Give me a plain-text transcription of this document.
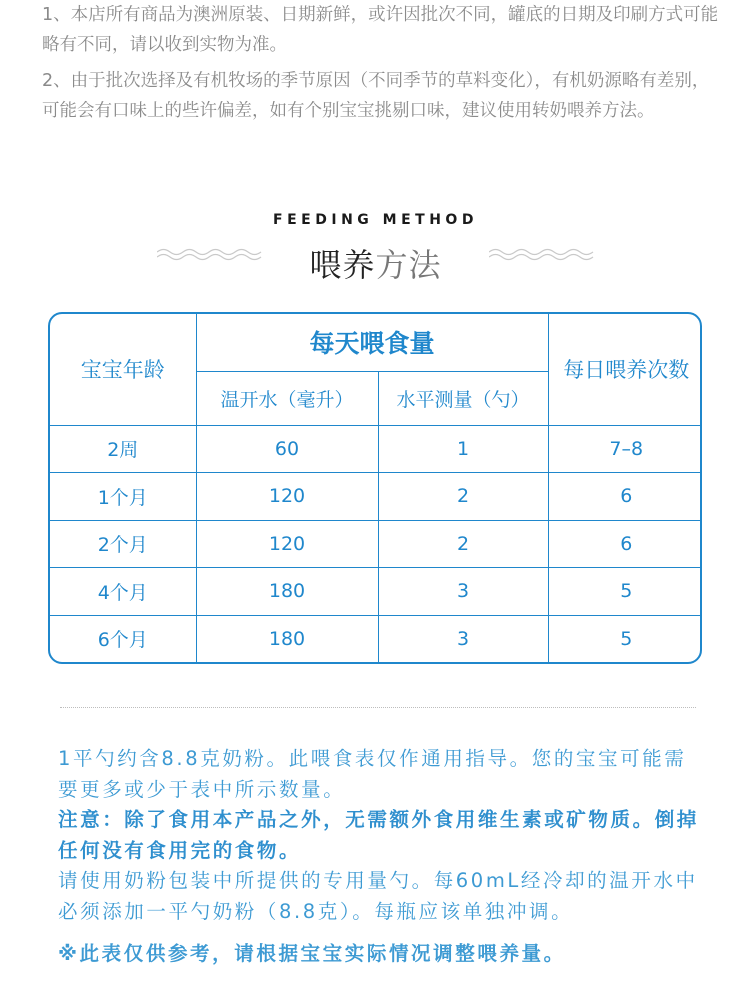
1、本店所有商品为澳洲原装、日期新鲜，或许因批次不同，罐底的日期及印刷方式可能略有不同，请以收到实物为准。

2、由于批次选择及有机牧场的季节原因（不同季节的草料变化），有机奶源略有差别，可能会有口味上的些许偏差，如有个别宝宝挑剔口味，建议使用转奶喂养方法。

FEEDING METHOD
喂养方法
宝宝年龄	每天喂食量		每日喂养次数
	温开水（毫升）	水平测量（勺）	
2周	60	1	7–8
1个月	120	2	6
2个月	120	2	6
4个月	180	3	5
6个月	180	3	5

1平勺约含8.8克奶粉。此喂食表仅作通用指导。您的宝宝可能需要更多或少于表中所示数量。

注意：除了食用本产品之外，无需额外食用维生素或矿物质。倒掉任何没有食用完的食物。

请使用奶粉包装中所提供的专用量勺。每60mL经冷却的温开水中必须添加一平勺奶粉（8.8克）。每瓶应该单独冲调。

※此表仅供参考，请根据宝宝实际情况调整喂养量。
